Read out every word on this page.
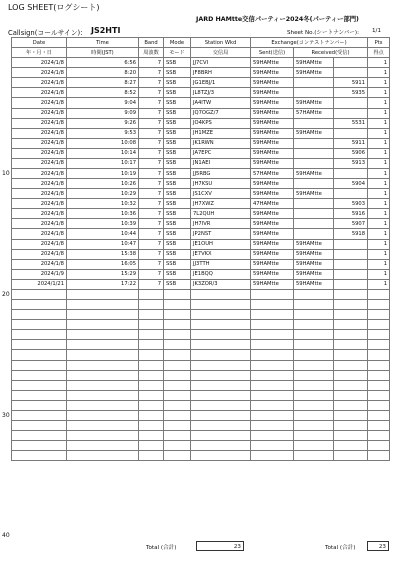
LOG SHEET(ログシート)
JARD HAMtte交信パーティー2024冬(パーティー部門)
Callsign(コールサイン): JS2HTI	Sheet No.(シートナンバー): 1/1
10
20
30
40
Date	Time	Band	Mode	Station Wkd	Exchange(コンテストナンバー)			Pts
年・月・日	時間(JST)	周波数	モード	交信局	Sent(送信)	Received(受信)		得点
2024/1/8	6:56	7	SSB	JJ7CVI	59HAMtte	59HAMtte		1
2024/1/8	8:20	7	SSB	JF8BRH	59HAMtte	59HAMtte		1
2024/1/8	8:27	7	SSB	JG1EBJ/1	59HAMtte		5911	1
2024/1/8	8:52	7	SSB	JL8TZJ/3	59HAMtte		5935	1
2024/1/8	9:04	7	SSB	JA4ITW	59HAMtte	59HAMtte		1
2024/1/8	9:09	7	SSB	JQ7OGZ/7	59HAMtte	57HAMtte		1
2024/1/8	9:26	7	SSB	JO4KPS	59HAMtte		5531	1
2024/1/8	9:53	7	SSB	JH1MZE	59HAMtte	59HAMtte		1
2024/1/8	10:08	7	SSB	JK1RWN	59HAMtte		5911	1
2024/1/8	10:14	7	SSB	JA7EPC	59HAMtte		5906	1
2024/1/8	10:17	7	SSB	JN1AEI	59HAMtte		5913	1
2024/1/8	10:19	7	SSB	JJ5RBG	57HAMtte	59HAMtte		1
2024/1/8	10:26	7	SSB	JH7KSU	59HAMtte		5904	1
2024/1/8	10:29	7	SSB	JS1CXV	59HAMtte	59HAMtte		1
2024/1/8	10:32	7	SSB	JH7XWZ	47HAMtte		5903	1
2024/1/8	10:36	7	SSB	7L2QUH	59HAMtte		5916	1
2024/1/8	10:39	7	SSB	JH7IVR	59HAMtte		5907	1
2024/1/8	10:44	7	SSB	JP2NST	59HAMtte		5918	1
2024/1/8	10:47	7	SSB	JE1OUH	59HAMtte	59HAMtte		1
2024/1/8	15:38	7	SSB	JE7VKX	59HAMtte	59HAMtte		1
2024/1/8	16:05	7	SSB	JJ3TTH	59HAMtte	59HAMtte		1
2024/1/9	15:29	7	SSB	JE1BQQ	59HAMtte	59HAMtte		1
2024/1/21	17:22	7	SSB	JK3ZOR/3	59HAMtte	59HAMtte		1

Total (合計)	23	Total (合計)	23
